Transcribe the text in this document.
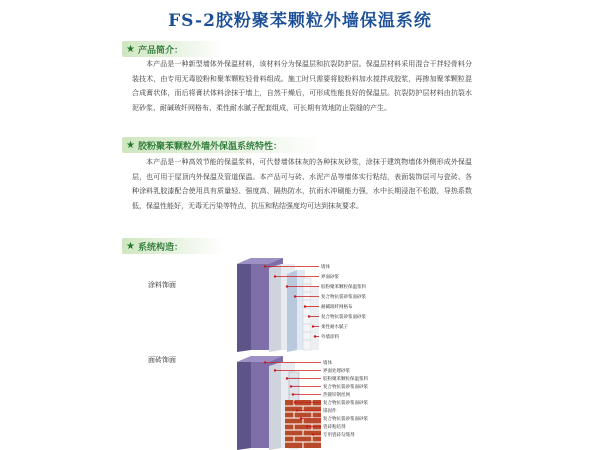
FS-2胶粉聚苯颗粒外墙保温系统
★ 产品简介：
本产品是一种新型墙体外保温材料，该材料分为保温层和抗裂防护层。保温层材料采用混合干拌轻骨料分装技术，由专用无毒胶粉和聚苯颗粒轻骨料组成。施工时只需要将胶粉料加水搅拌成胶浆，再掺加聚苯颗粒混合成膏状体，而后将膏状体料涂抹于墙上，自然干燥后，可形成性能良好的保温层。抗裂防护层材料由抗裂水泥砂浆、耐碱玻纤网格布、柔性耐水腻子配套组成，可长期有效地防止裂缝的产生。
★ 胶粉聚苯颗粒外墙外保温系统特性：
本产品是一种高效节能的保温浆料，可代替墙体抹灰的各种抹灰砂浆，涂抹于建筑物墙体外侧形成外保温层，也可用于屋顶内外保温及管道保温。本产品可与砖、水泥产品等墙体实行粘结，表面装饰层可与瓷砖、各种涂料乳胶漆配合使用具有质量轻、强度高、隔热防水，抗雨水冲刷能力强，水中长期浸泡不松散，导热系数低，保温性能好，无毒无污染等特点，抗压和粘结强度均可达到抹灰要求。
★ 系统构造：
涂料饰面
墙体
界面砂浆
胶粉聚苯颗粒保温浆料
复合物抗裂砂浆面砂浆
耐碱玻纤网格布
复合物抗裂砂浆面砂浆
柔性耐水腻子
外墙涂料
面砖饰面	墙体
界面处理砂浆
胶粉聚苯颗粒保温浆料
复合物抗裂砂浆面砂浆
热镀锌钢丝网
复合物抗裂砂浆面砂浆
锚固件
复合物抗裂砂浆面砂浆
瓷砖粘结剂
专用瓷砖勾缝剂
